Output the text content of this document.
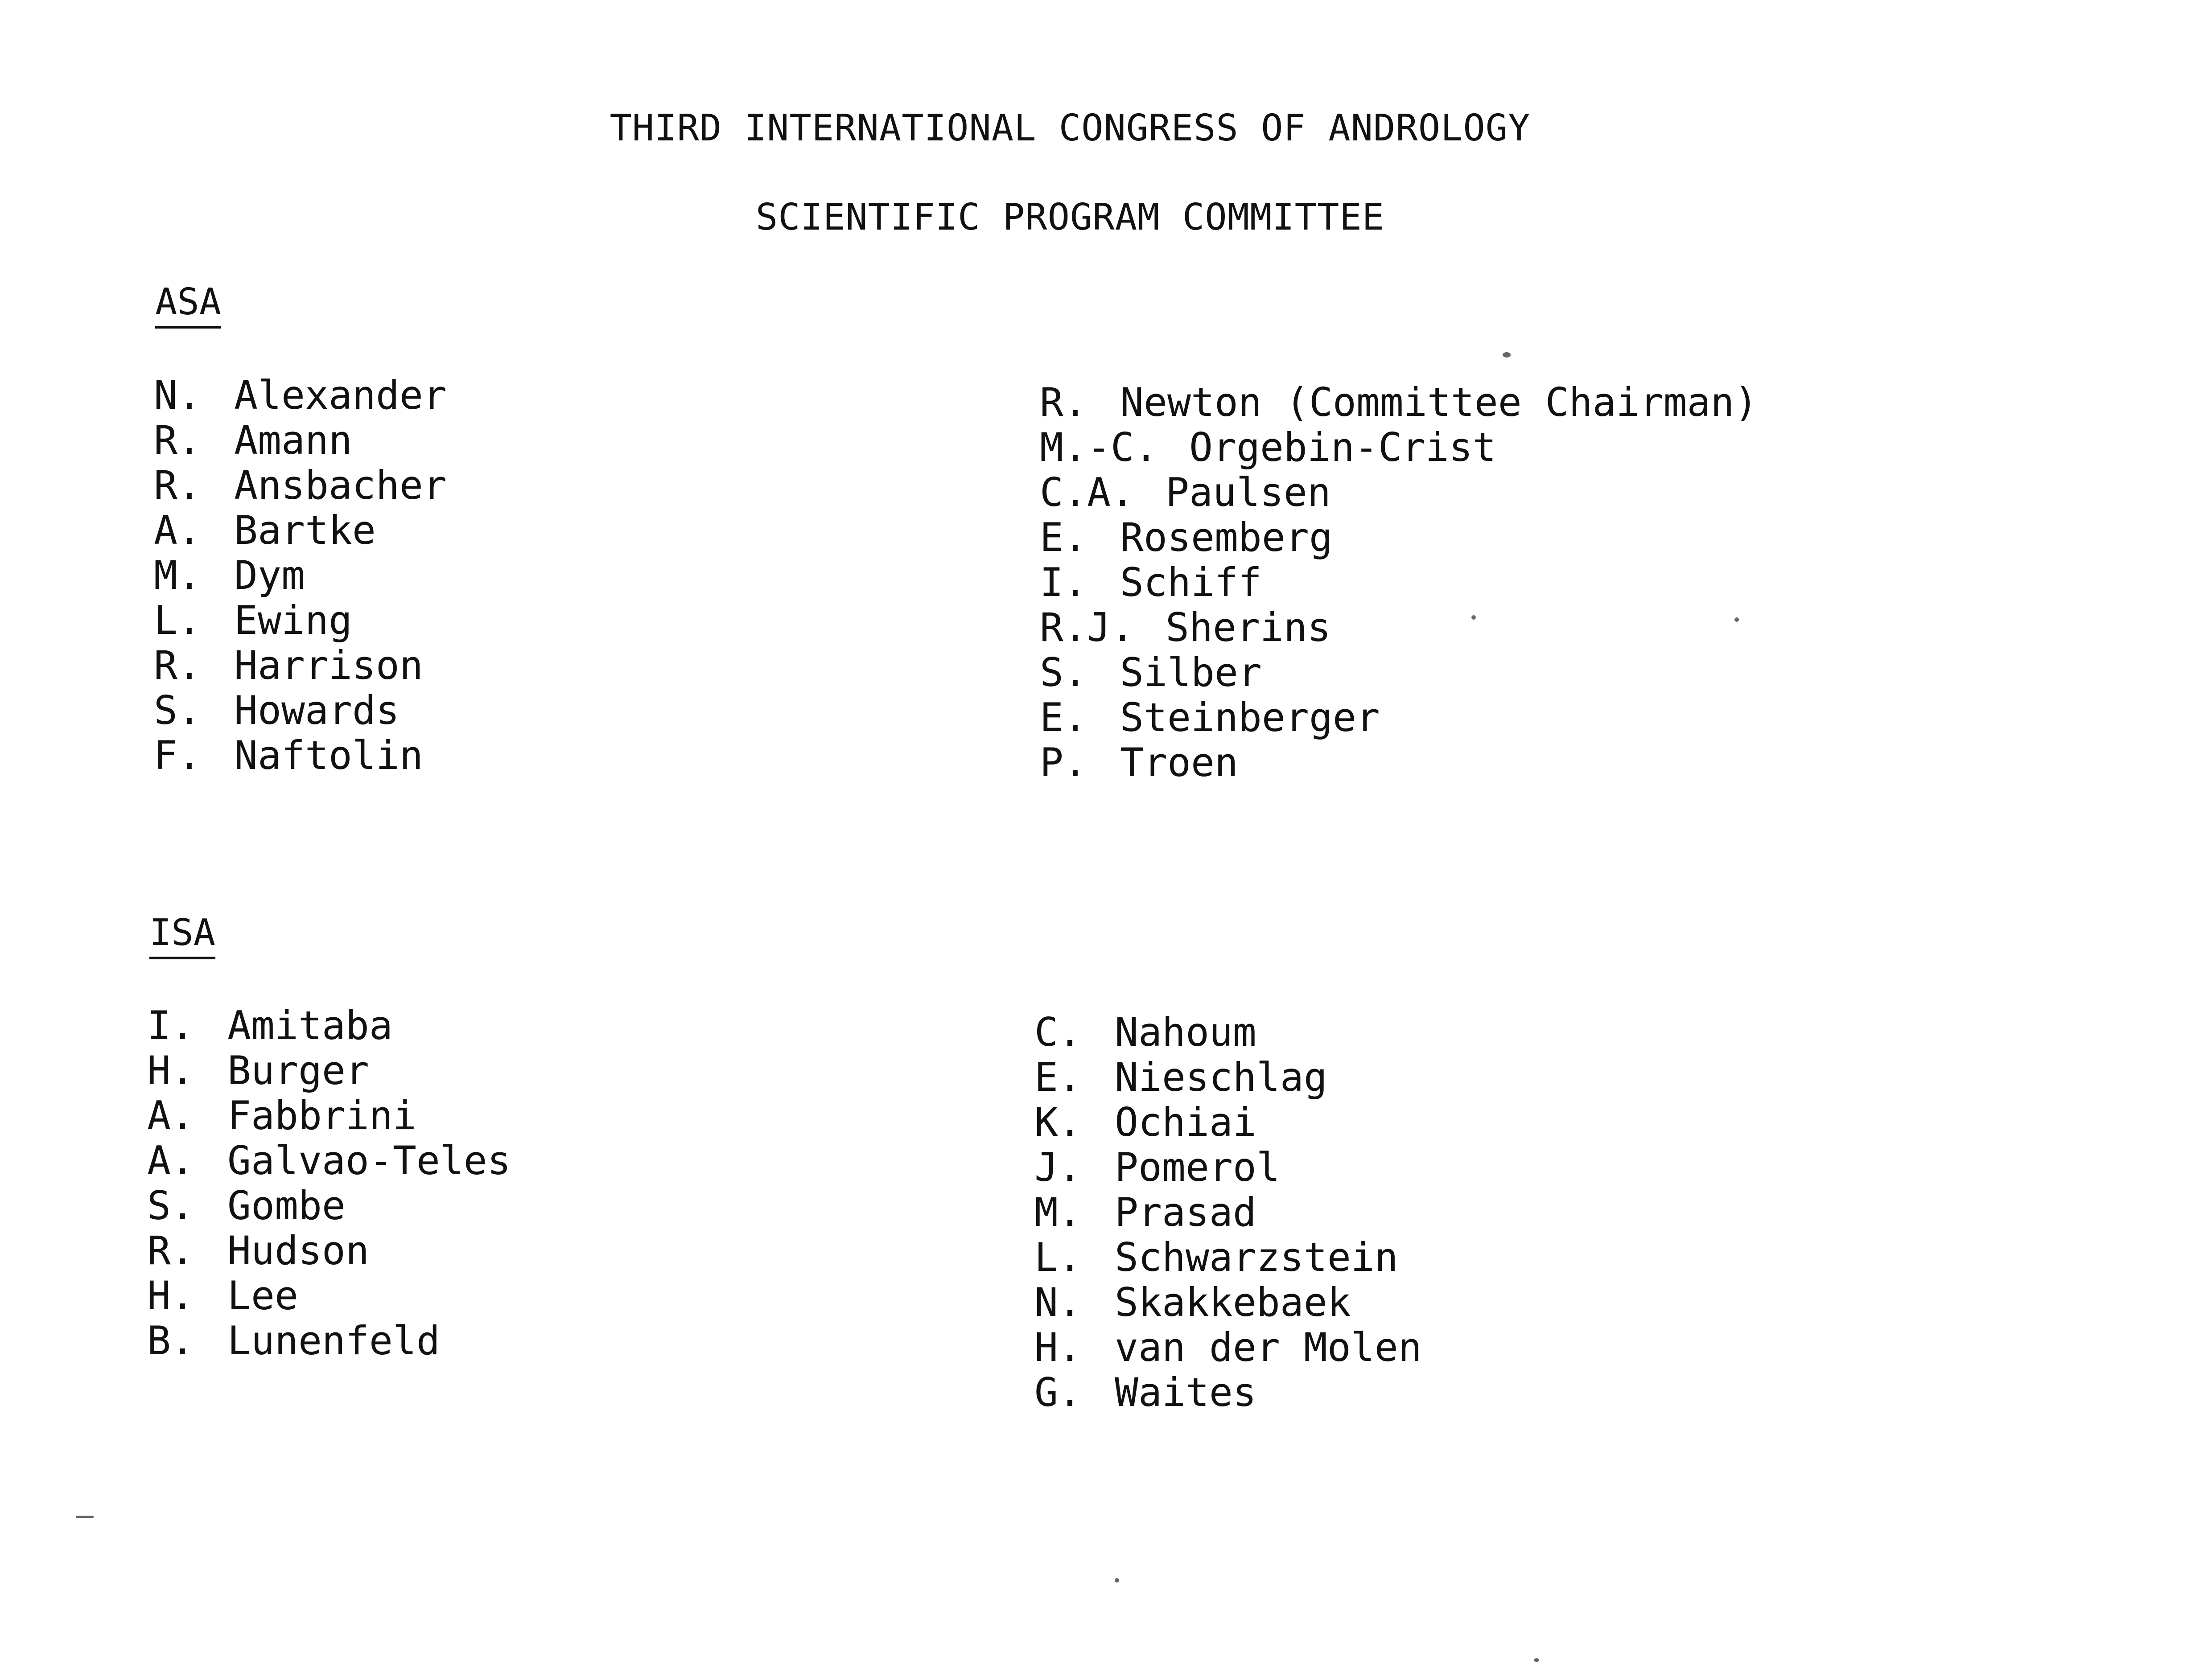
THIRD INTERNATIONAL CONGRESS OF ANDROLOGY
SCIENTIFIC PROGRAM COMMITTEE
ASA
N. Alexander
R. Amann
R. Ansbacher
A. Bartke
M. Dym
L. Ewing
R. Harrison
S. Howards
F. Naftolin
R. Newton (Committee Chairman)
M.-C. Orgebin-Crist
C.A. Paulsen
E. Rosemberg
I. Schiff
R.J. Sherins
S. Silber
E. Steinberger
P. Troen
ISA
I. Amitaba
H. Burger
A. Fabbrini
A. Galvao-Teles
S. Gombe
R. Hudson
H. Lee
B. Lunenfeld
C. Nahoum
E. Nieschlag
K. Ochiai
J. Pomerol
M. Prasad
L. Schwarzstein
N. Skakkebaek
H. van der Molen
G. Waites
